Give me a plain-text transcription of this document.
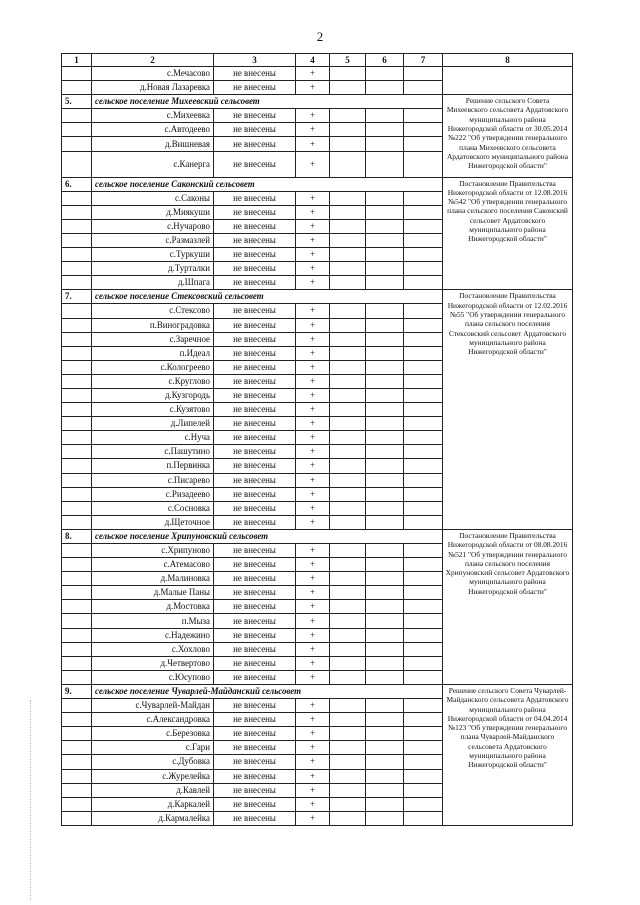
2
1	2	3	4	5	6	7	8
	с.Мечасово	не внесены	+				
	д.Новая Лазаревка	не внесены	+				
5.	сельское поселение Михеевский сельсовет						Решение сельского Совета Михеевского сельсовета Ардатовского муниципального района Нижегородской области от 30.05.2014 №222 "Об утверждении генерального плана Михеевского сельсовета Ардатовского муниципального района Нижегородской области"
	с.Михеевка	не внесены	+				
	с.Автодеево	не внесены	+				
	д.Вишневая	не внесены	+				
	с.Канерга	не внесены	+				
6.	сельское поселение Саконский сельсовет						Постановление Правительства Нижегородской области от 12.08.2016 №542 "Об утверждении генерального плана сельского поселения Саконский сельсовет Ардатовского муниципального района Нижегородской области"
	с.Саконы	не внесены	+				
	д.Миякуши	не внесены	+				
	с.Нучарово	не внесены	+				
	с.Размазлей	не внесены	+				
	с.Туркуши	не внесены	+				
	д.Турталки	не внесены	+				
	д.Шпага	не внесены	+				
7.	сельское поселение Стексовский сельсовет						Постановление Правительства Нижегородской области от 12.02.2016 №55 "Об утверждении генерального плана сельского поселения Стексовский сельсовет Ардатовского муниципального района Нижегородской области"
	с.Стексово	не внесены	+				
	п.Виноградовка	не внесены	+				
	с.Заречное	не внесены	+				
	п.Идеал	не внесены	+				
	с.Кологреево	не внесены	+				
	с.Круглово	не внесены	+				
	д.Кузгородь	не внесены	+				
	с.Кузятово	не внесены	+				
	д.Липелей	не внесены	+				
	с.Нуча	не внесены	+				
	с.Пашутино	не внесены	+				
	п.Первинка	не внесены	+				
	с.Писарево	не внесены	+				
	с.Ризадеево	не внесены	+				
	с.Сосновка	не внесены	+				
	д.Щеточное	не внесены	+				
8.	сельское поселение Хрипуновский сельсовет						Постановление Правительства Нижегородской области от 08.08.2016 №521 "Об утверждении генерального плана сельского поселения Хрипуновский сельсовет Ардатовского муниципального района Нижегородской области"
	с.Хрипуново	не внесены	+				
	с.Атемасово	не внесены	+				
	д.Малиновка	не внесены	+				
	д.Малые Паны	не внесены	+				
	д.Мостовка	не внесены	+				
	п.Мыза	не внесены	+				
	с.Надежино	не внесены	+				
	с.Хохлово	не внесены	+				
	д.Четвертово	не внесены	+				
	с.Юсупово	не внесены	+				
9.	сельское поселение Чуварлей-Майданский сельсовет						Решение сельского Совета Чуварлей-Майданского сельсовета Ардатовского муниципального района Нижегородской области от 04.04.2014 №123 "Об утверждении генерального плана Чуварлей-Майданского сельсовета Ардатовского муниципального района Нижегородской области"
	с.Чуварлей-Майдан	не внесены	+				
	с.Александровка	не внесены	+				
	с.Березовка	не внесены	+				
	с.Гари	не внесены	+				
	с.Дубовка	не внесены	+				
	с.Журелейка	не внесены	+				
	д.Кавлей	не внесены	+				
	д.Каркалей	не внесены	+				
	д.Кармалейка	не внесены	+				
